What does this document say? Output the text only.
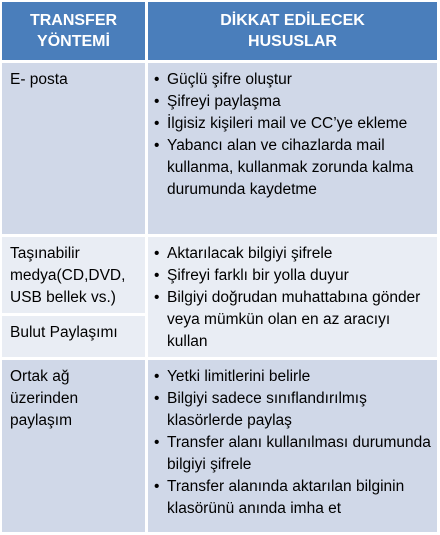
TRANSFER YÖNTEMİ
DİKKAT EDİLECEK HUSUSLAR
E- posta
•	Güçlü şifre oluştur
• Şifreyi paylaşma
• İlgisiz kişileri mail ve CC’ye ekleme
• Yabancı alan ve cihazlarda mail kullanma, kullanmak zorunda kalma durumunda kaydetme
Taşınabilir medya(CD,DVD, USB bellek vs.)
Bulut Paylaşımı
• Aktarılacak bilgiyi şifrele
• Şifreyi farklı bir yolla duyur
• Bilgiyi doğrudan muhattabına gönder veya mümkün olan en az aracıyı kullan
Ortak ağ üzerinden paylaşım
• Yetki limitlerini belirle
• Bilgiyi sadece sınıflandırılmış klasörlerde paylaş
• Transfer alanı kullanılması durumunda bilgiyi şifrele
• Transfer alanında aktarılan bilginin klasörünü anında imha et
